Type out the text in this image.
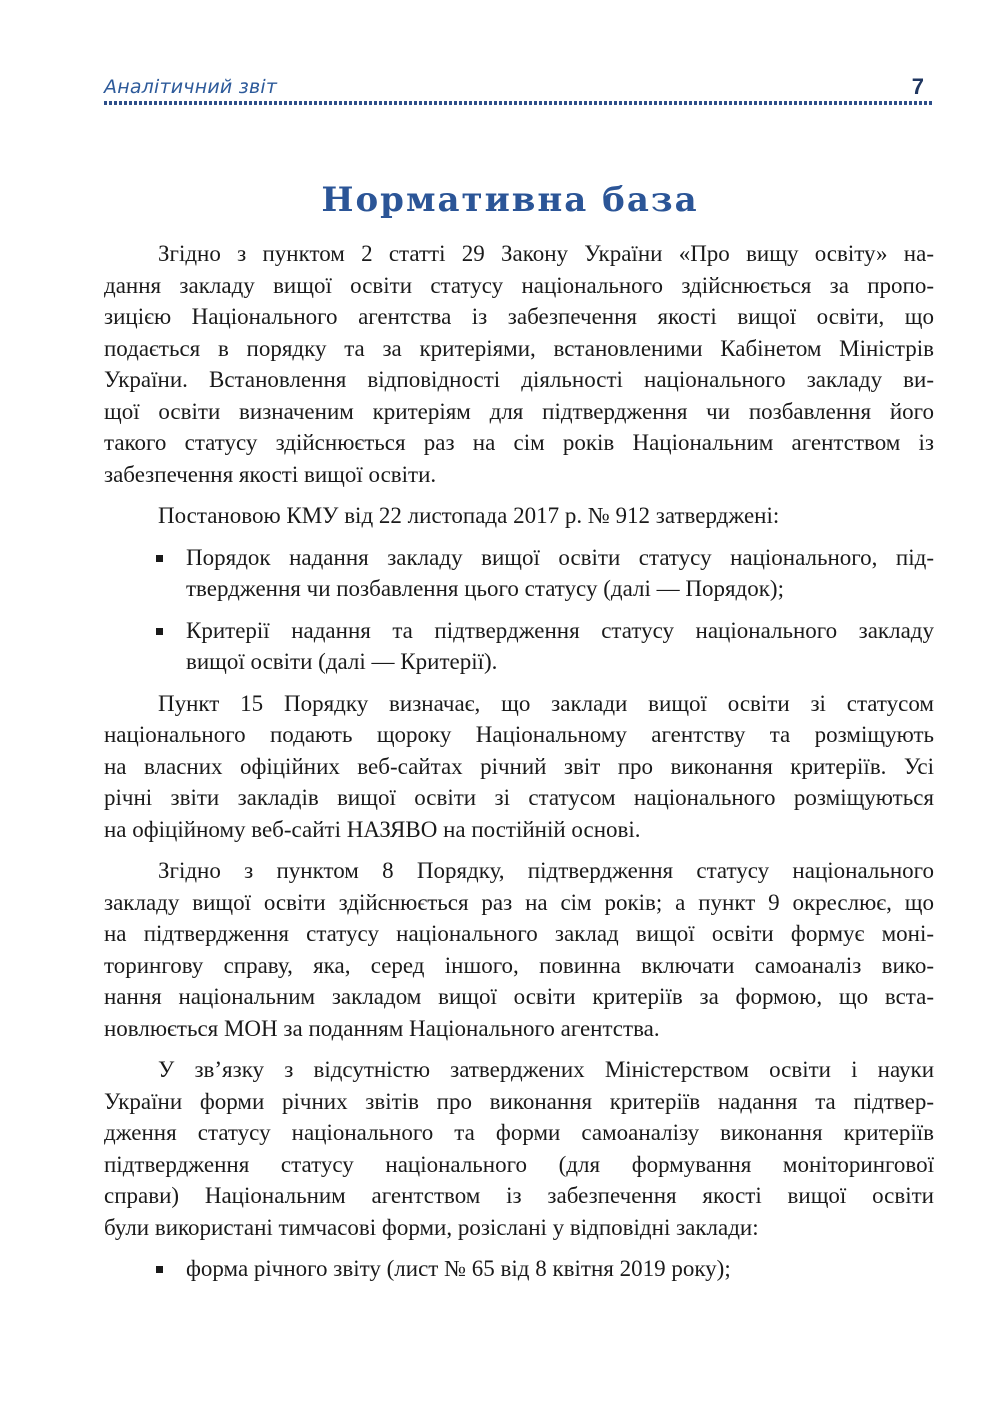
Аналітичний звіт	7
Нормативна база
Згідно з пунктом 2 статті 29 Закону України «Про вищу освіту» на-
дання закладу вищої освіти статусу національного здійснюється за пропо-
зицією Національного агентства із забезпечення якості вищої освіти, що
подається в порядку та за критеріями, встановленими Кабінетом Міністрів
України. Встановлення відповідності діяльності національного закладу ви-
щої освіти визначеним критеріям для підтвердження чи позбавлення його
такого статусу здійснюється раз на сім років Національним агентством із
забезпечення якості вищої освіти.
Постановою КМУ від 22 листопада 2017 р. № 912 затверджені:
Порядок надання закладу вищої освіти статусу національного, під-
твердження чи позбавлення цього статусу (далі — Порядок);
Критерії надання та підтвердження статусу національного закладу
вищої освіти (далі — Критерії).
Пункт 15 Порядку визначає, що заклади вищої освіти зі статусом
національного подають щороку Національному агентству та розміщують
на власних офіційних веб-сайтах річний звіт про виконання критеріїв. Усі
річні звіти закладів вищої освіти зі статусом національного розміщуються
на офіційному веб-сайті НАЗЯВО на постійній основі.
Згідно з пунктом 8 Порядку, підтвердження статусу національного
закладу вищої освіти здійснюється раз на сім років; а пункт 9 окреслює, що
на підтвердження статусу національного заклад вищої освіти формує моні-
торингову справу, яка, серед іншого, повинна включати самоаналіз вико-
нання національним закладом вищої освіти критеріїв за формою, що вста-
новлюється МОН за поданням Національного агентства.
У зв’язку з відсутністю затверджених Міністерством освіти і науки
України форми річних звітів про виконання критеріїв надання та підтвер-
дження статусу національного та форми самоаналізу виконання критеріїв
підтвердження статусу національного (для формування моніторингової
справи) Національним агентством із забезпечення якості вищої освіти
були використані тимчасові форми, розіслані у відповідні заклади:
форма річного звіту (лист № 65 від 8 квітня 2019 року);
